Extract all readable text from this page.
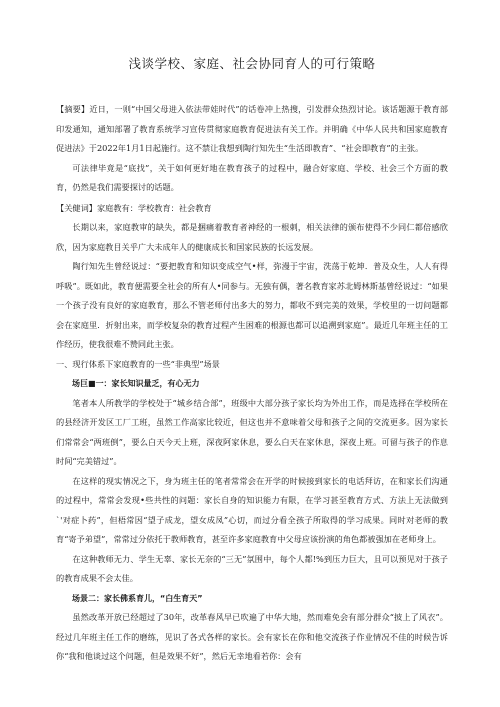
浅谈学校、家庭、社会协同育人的可行策略

【摘要】近日，一则“中国父母进入依法带娃时代”的话卷冲上热搜，引发群众热烈讨论。该话题源于教育部印发通知，通知部署了教育系统学习宣传贯彻家庭教育促进法有关工作。并明确《中华人民共和国家庭教育促进法》于2022年1月1日起施行。这不禁让我想到陶行知先生“生活即教育”、“社会即教育”的主张。

可法律毕竟是“底找”，关于如何更好地在教育孩子的过程中，融合好家庭、学校、社会三个方面的教育，仍然是我们需要探讨的话题。

【关健词】家庭教有：学校教育：社会教育

长期以来，家庭教审的缺失，都是捆痛着教育者神经的一根刺，相关法律的颁布使得不少同仁都倍感欣欣，因为家庭教目关乎广大未成年人的健康成长和国家民族的长远发展。

陶行知先生曾经说过：“要把教育和知识变成空气•样，弥漫于宇宙，洗荡于乾坤．普及众生，人人有得呼吸”。既如此，教育便需要全社会的所有人•同参与。无独有偶，著名教育家苏北姆林斯基曾经说过：“如果一个孩子没有良好的家庭教育，那么不管老师付出多大的努力，都收不到完美的效果，学校里的一切问题都会在家庭里．折射出来，而学校复杂的教育过程产生困难的根源也都可以追溯到家庭”。最近几年班主任的工作经历，使我很难不赞同此主张。

一、现行体系下家庭教育的一些“非典型”场景

场巨■一：家长知识量乏，有心无力

笔者本人所教学的学校处于“城乡结合部”，班级中大部分孩子家长均为外出工作，而是选择在学校所在的县经济开发区工厂工班，虽然工作高家比较近，但这也并不意味着父母和孩子之间的交流更多。因为家长们常常会“两班倒”，要么白天今天上班，深夜阿家休息，要么白天在家休息，深夜上班。可留与孩子的作息时间“完美错过”。

在这样的现实情况之下，身为班主任的笔者常常会在开学的时候接到家长的电话拜访，在和家长们沟通的过程中，常常会发现•些共性的问题：家长自身的知识能力有限，在学习甚至教育方式、方法上无法做到`'对症卜药”，但梧常因“望子成龙，望女成凤”心切，而过分看全孩子所取得的学习成果。同时对老师的教育“寄予弟望”，常常过分依托于教师教育，甚至许多家庭教育中父母应该扮演的角色都被强加在老师身上。

在这种教师无力、学生无辜、家长无奈的“三无”氛围中，每个人都!%到压力巨大，且可以预见对于孩子的教育成果不会太佳。

场景二：家长佛系育儿，“白生育天”

虽然改革开放已经超过了30年，改革春风早已吹遍了中华大地，然而难免会有部分群众“披上了风衣”。经过几年班主任工作的磨练，见识了各式各样的家长。会有家长在你和他交流孩子作业情况不佳的时候告诉你“我和他谈过这个问题，但是效果不好”，然后无幸地看若你：会有
